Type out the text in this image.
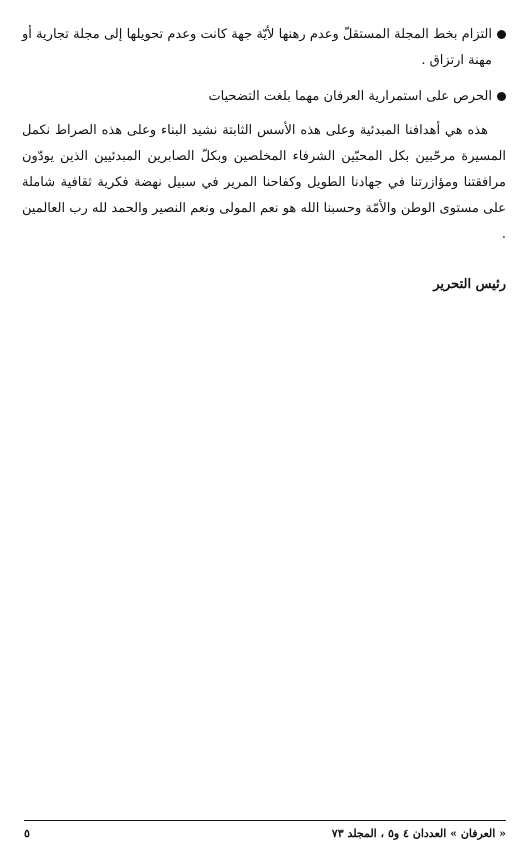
التزام بخط المجلة المستقلّ وعدم رهنها لأيّة جهة كانت وعدم تحويلها إلى مجلة تجارية أو مهنة ارتزاق .

الحرص على استمرارية العرفان مهما بلغت التضحيات

هذه هي أهدافنا المبدئية وعلى هذه الأسس الثابتة نشيد البناء وعلى هذه الصراط نكمل المسيرة مرحّبين بكل المحبّين الشرفاء المخلصين وبكلّ الصابرين المبدئيين الذين يودّون مرافقتنا ومؤازرتنا في جهادنا الطويل وكفاحنا المرير في سبيل نهضة فكرية ثقافية شاملة على مستوى الوطن والأمّة وحسبنا الله هو نعم المولى ونعم النصير والحمد لله رب العالمين .

رئيس التحرير
« العرفان » العددان ٤ و٥ ، المجلد ٧٣
٥
